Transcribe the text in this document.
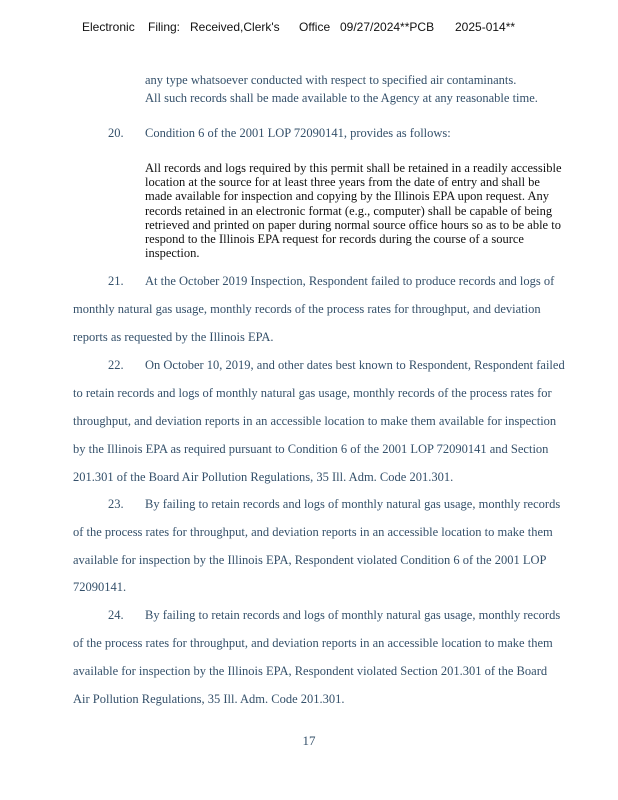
Electronic Filing: Received,Clerk's Office 09/27/2024**PCB 2025-014**
any type whatsoever conducted with respect to specified air contaminants.
All such records shall be made available to the Agency at any reasonable time.
20. Condition 6 of the 2001 LOP 72090141, provides as follows:

All records and logs required by this permit shall be retained in a readily accessible location at the source for at least three years from the date of entry and shall be made available for inspection and copying by the Illinois EPA upon request. Any records retained in an electronic format (e.g., computer) shall be capable of being retrieved and printed on paper during normal source office hours so as to be able to respond to the Illinois EPA request for records during the course of a source inspection.

21. At the October 2019 Inspection, Respondent failed to produce records and logs of
monthly natural gas usage, monthly records of the process rates for throughput, and deviation
reports as requested by the Illinois EPA.
22. On October 10, 2019, and other dates best known to Respondent, Respondent failed
to retain records and logs of monthly natural gas usage, monthly records of the process rates for
throughput, and deviation reports in an accessible location to make them available for inspection
by the Illinois EPA as required pursuant to Condition 6 of the 2001 LOP 72090141 and Section
201.301 of the Board Air Pollution Regulations, 35 Ill. Adm. Code 201.301.
23. By failing to retain records and logs of monthly natural gas usage, monthly records
of the process rates for throughput, and deviation reports in an accessible location to make them
available for inspection by the Illinois EPA, Respondent violated Condition 6 of the 2001 LOP
72090141.
24. By failing to retain records and logs of monthly natural gas usage, monthly records
of the process rates for throughput, and deviation reports in an accessible location to make them
available for inspection by the Illinois EPA, Respondent violated Section 201.301 of the Board
Air Pollution Regulations, 35 Ill. Adm. Code 201.301.
17
